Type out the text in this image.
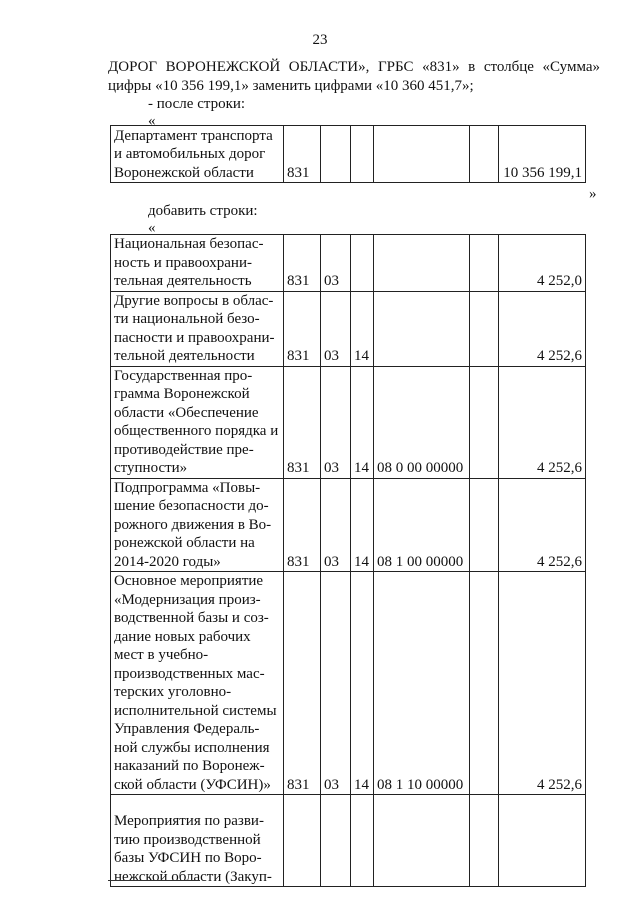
23
ДОРОГ ВОРОНЕЖСКОЙ ОБЛАСТИ», ГРБС «831» в столбце «Сумма»
цифры «10 356 199,1» заменить цифрами «10 360 451,7»;
- после строки:
«
Департамент транспорта и автомобильных дорог Воронежской области	831					10 356 199,1
»
добавить строки:
«
Национальная безопас-ность и правоохрани-тельная деятельность	831	03				4 252,0
Другие вопросы в облас-ти национальной безо-пасности и правоохрани-тельной деятельности	831	03	14			4 252,6
Государственная про-грамма Воронежской области «Обеспечение общественного порядка и противодействие пре-ступности»	831	03	14	08 0 00 00000		4 252,6
Подпрограмма «Повы-шение безопасности до-рожного движения в Во-ронежской области на 2014-2020 годы»	831	03	14	08 1 00 00000		4 252,6
Основное мероприятие «Модернизация произ-водственной базы и соз-дание новых рабочих мест в учебно-производственных мас-терских уголовно-исполнительной системы Управления Федераль-ной службы исполнения наказаний по Воронеж-ской области (УФСИН)»	831	03	14	08 1 10 00000		4 252,6
Мероприятия по разви-тию производственной базы УФСИН по Воро-нежской области (Закуп-						
